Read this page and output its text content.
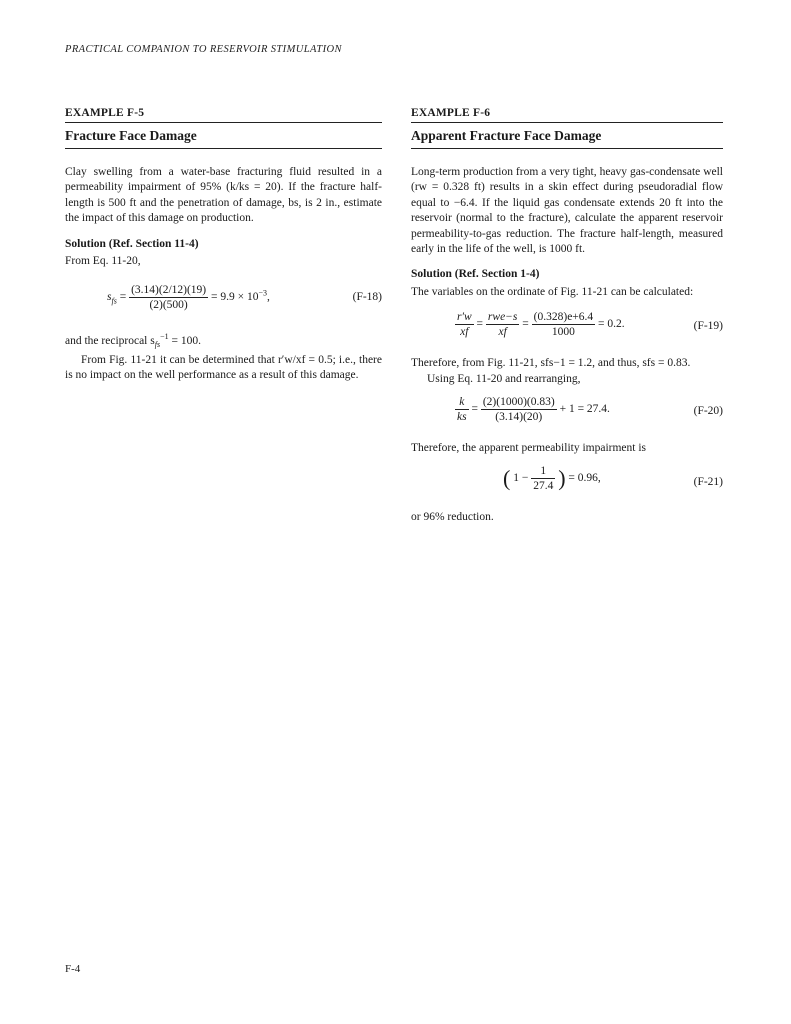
PRACTICAL COMPANION TO RESERVOIR STIMULATION
EXAMPLE F-5
Fracture Face Damage

Clay swelling from a water-base fracturing fluid resulted in a permeability impairment of 95% (k/ks = 20). If the fracture half-length is 500 ft and the penetration of damage, bs, is 2 in., estimate the impact of this damage on production.

Solution (Ref. Section 11-4)

From Eq. 11-20,

$s_{fs} = \frac{(3.14)(2/12)(19)}{(2)(500)} = 9.9 \times 10^{-3}$,	(F-18)

and the reciprocal $s_{fs}^{-1} = 100$.

From Fig. 11-21 it can be determined that r′w/xf = 0.5; i.e., there is no impact on the well performance as a result of this damage.

EXAMPLE F-6
Apparent Fracture Face Damage

Long-term production from a very tight, heavy gas-condensate well (rw = 0.328 ft) results in a skin effect during pseudoradial flow equal to −6.4. If the liquid gas condensate extends 20 ft into the reservoir (normal to the fracture), calculate the apparent reservoir permeability-to-gas reduction. The fracture half-length, measured early in the life of the well, is 1000 ft.

Solution (Ref. Section 1-4)

The variables on the ordinate of Fig. 11-21 can be calculated:

$\frac{r'w}{xf} = \frac{\text{rwe−s}}{xf} = \frac{(0.328)e+6.4}{1000} = 0.2$.	(F-19)

Therefore, from Fig. 11-21, sfs−1 = 1.2, and thus, sfs = 0.83.

Using Eq. 11-20 and rearranging,

$\frac{k}{ks} = \frac{(2)(1000)(0.83)}{(3.14)(20)} + 1 = 27.4$.	(F-20)

Therefore, the apparent permeability impairment is

( $1 - \frac{1}{27.4}$ ) = 0.96,	(F-21)

or 96% reduction.

F-4
